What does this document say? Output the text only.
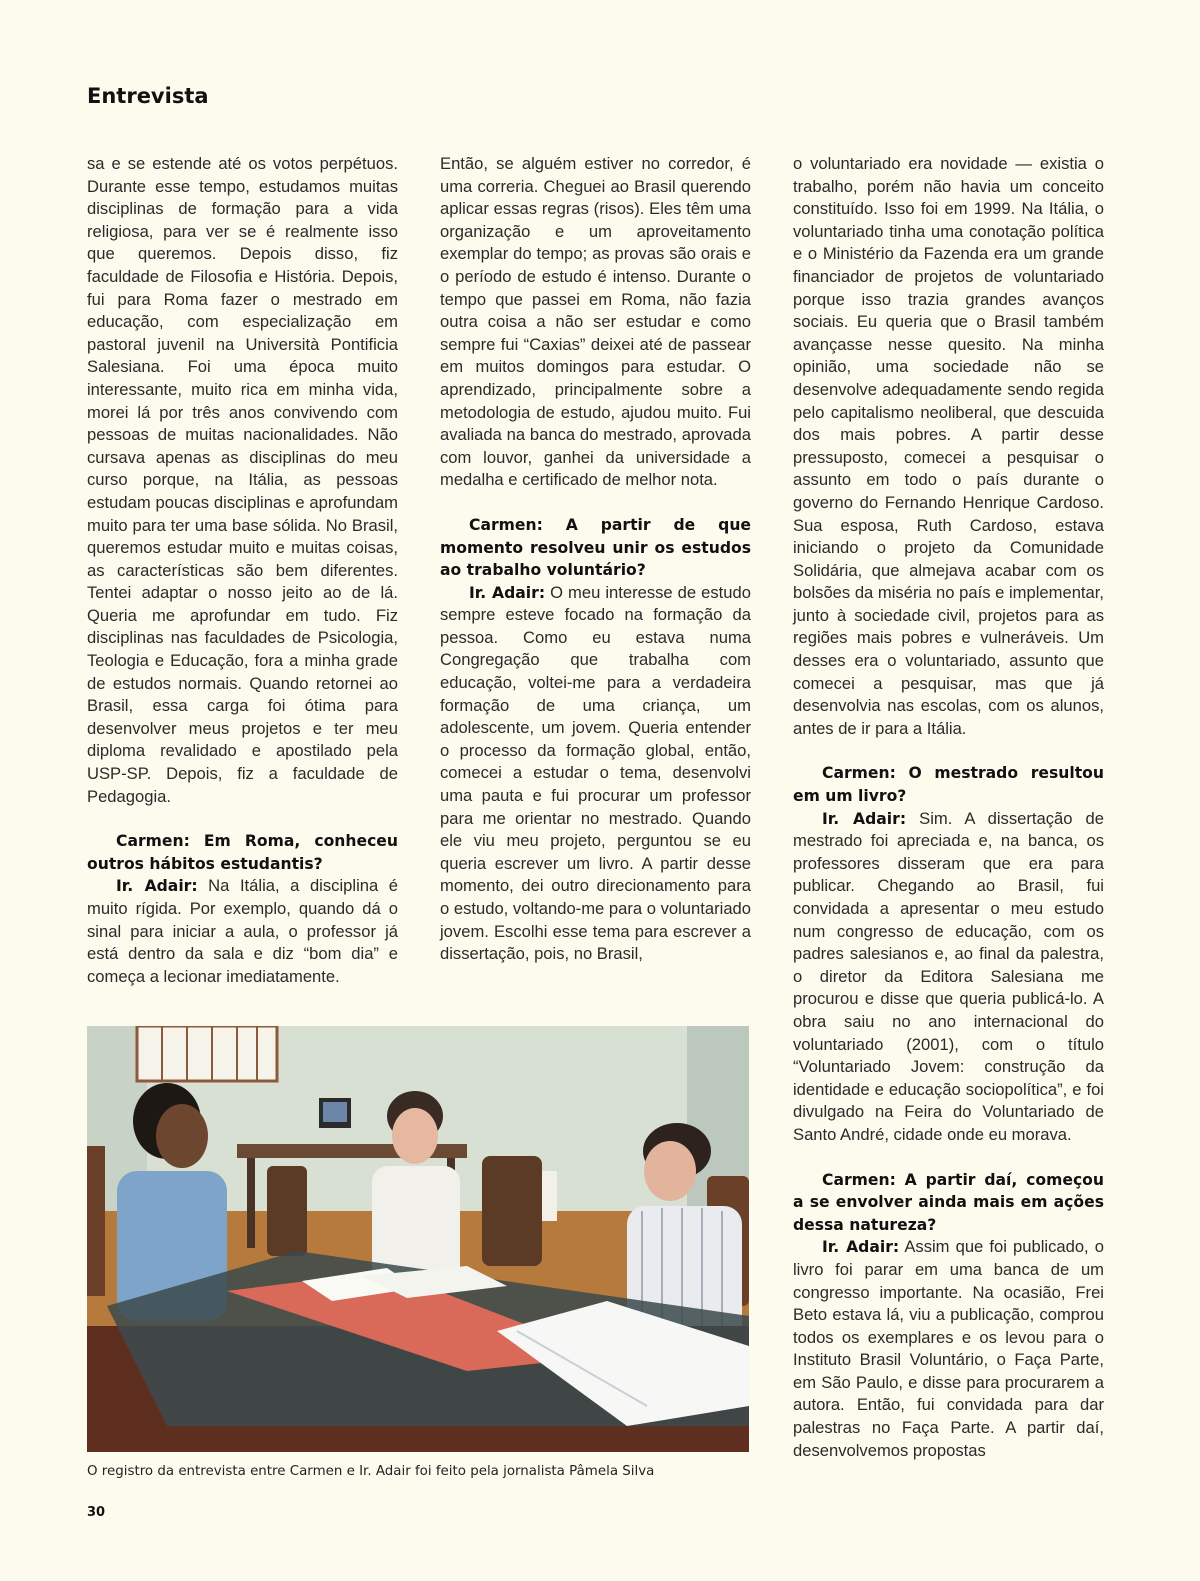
Entrevista

sa e se estende até os votos perpétuos. Durante esse tempo, estudamos muitas disciplinas de formação para a vida religiosa, para ver se é realmente isso que queremos. Depois disso, fiz faculdade de Filosofia e História. Depois, fui para Roma fazer o mestrado em educação, com especialização em pastoral juvenil na Università Pontificia Salesiana. Foi uma época muito interessante, muito rica em minha vida, morei lá por três anos convivendo com pessoas de muitas nacionalidades. Não cursava apenas as disciplinas do meu curso porque, na Itália, as pessoas estudam poucas disciplinas e aprofundam muito para ter uma base sólida. No Brasil, queremos estudar muito e muitas coisas, as características são bem diferentes. Tentei adaptar o nosso jeito ao de lá. Queria me aprofundar em tudo. Fiz disciplinas nas faculdades de Psicologia, Teologia e Educação, fora a minha grade de estudos normais. Quando retornei ao Brasil, essa carga foi ótima para desenvolver meus projetos e ter meu diploma revalidado e apostilado pela USP-SP. Depois, fiz a faculdade de Pedagogia.

Carmen: Em Roma, conheceu outros hábitos estudantis?

Ir. Adair: Na Itália, a disciplina é muito rígida. Por exemplo, quando dá o sinal para iniciar a aula, o professor já está dentro da sala e diz “bom dia” e começa a lecionar imediatamente.

Então, se alguém estiver no corredor, é uma correria. Cheguei ao Brasil querendo aplicar essas regras (risos). Eles têm uma organização e um aproveitamento exemplar do tempo; as provas são orais e o período de estudo é intenso. Durante o tempo que passei em Roma, não fazia outra coisa a não ser estudar e como sempre fui “Caxias” deixei até de passear em muitos domingos para estudar. O aprendizado, principalmente sobre a metodologia de estudo, ajudou muito. Fui avaliada na banca do mestrado, aprovada com louvor, ganhei da universidade a medalha e certificado de melhor nota.

Carmen: A partir de que momento resolveu unir os estudos ao trabalho voluntário?

Ir. Adair: O meu interesse de estudo sempre esteve focado na formação da pessoa. Como eu estava numa Congregação que trabalha com educação, voltei-me para a verdadeira formação de uma criança, um adolescente, um jovem. Queria entender o processo da formação global, então, comecei a estudar o tema, desenvolvi uma pauta e fui procurar um professor para me orientar no mestrado. Quando ele viu meu projeto, perguntou se eu queria escrever um livro. A partir desse momento, dei outro direcionamento para o estudo, voltando-me para o voluntariado jovem. Escolhi esse tema para escrever a dissertação, pois, no Brasil,

o voluntariado era novidade — existia o trabalho, porém não havia um conceito constituído. Isso foi em 1999. Na Itália, o voluntariado tinha uma conotação política e o Ministério da Fazenda era um grande financiador de projetos de voluntariado porque isso trazia grandes avanços sociais. Eu queria que o Brasil também avançasse nesse quesito. Na minha opinião, uma sociedade não se desenvolve adequadamente sendo regida pelo capitalismo neoliberal, que descuida dos mais pobres. A partir desse pressuposto, comecei a pesquisar o assunto em todo o país durante o governo do Fernando Henrique Cardoso. Sua esposa, Ruth Cardoso, estava iniciando o projeto da Comunidade Solidária, que almejava acabar com os bolsões da miséria no país e implementar, junto à sociedade civil, projetos para as regiões mais pobres e vulneráveis. Um desses era o voluntariado, assunto que comecei a pesquisar, mas que já desenvolvia nas escolas, com os alunos, antes de ir para a Itália.

Carmen: O mestrado resultou em um livro?

Ir. Adair: Sim. A dissertação de mestrado foi apreciada e, na banca, os professores disseram que era para publicar. Chegando ao Brasil, fui convidada a apresentar o meu estudo num congresso de educação, com os padres salesianos e, ao final da palestra, o diretor da Editora Salesiana me procurou e disse que queria publicá-lo. A obra saiu no ano internacional do voluntariado (2001), com o título “Voluntariado Jovem: construção da identidade e educação sociopolítica”, e foi divulgado na Feira do Voluntariado de Santo André, cidade onde eu morava.

Carmen: A partir daí, começou a se envolver ainda mais em ações dessa natureza?

Ir. Adair: Assim que foi publicado, o livro foi parar em uma banca de um congresso importante. Na ocasião, Frei Beto estava lá, viu a publicação, comprou todos os exemplares e os levou para o Instituto Brasil Voluntário, o Faça Parte, em São Paulo, e disse para procurarem a autora. Então, fui convidada para dar palestras no Faça Parte. A partir daí, desenvolvemos propostas

O registro da entrevista entre Carmen e Ir. Adair foi feito pela jornalista Pâmela Silva
30
